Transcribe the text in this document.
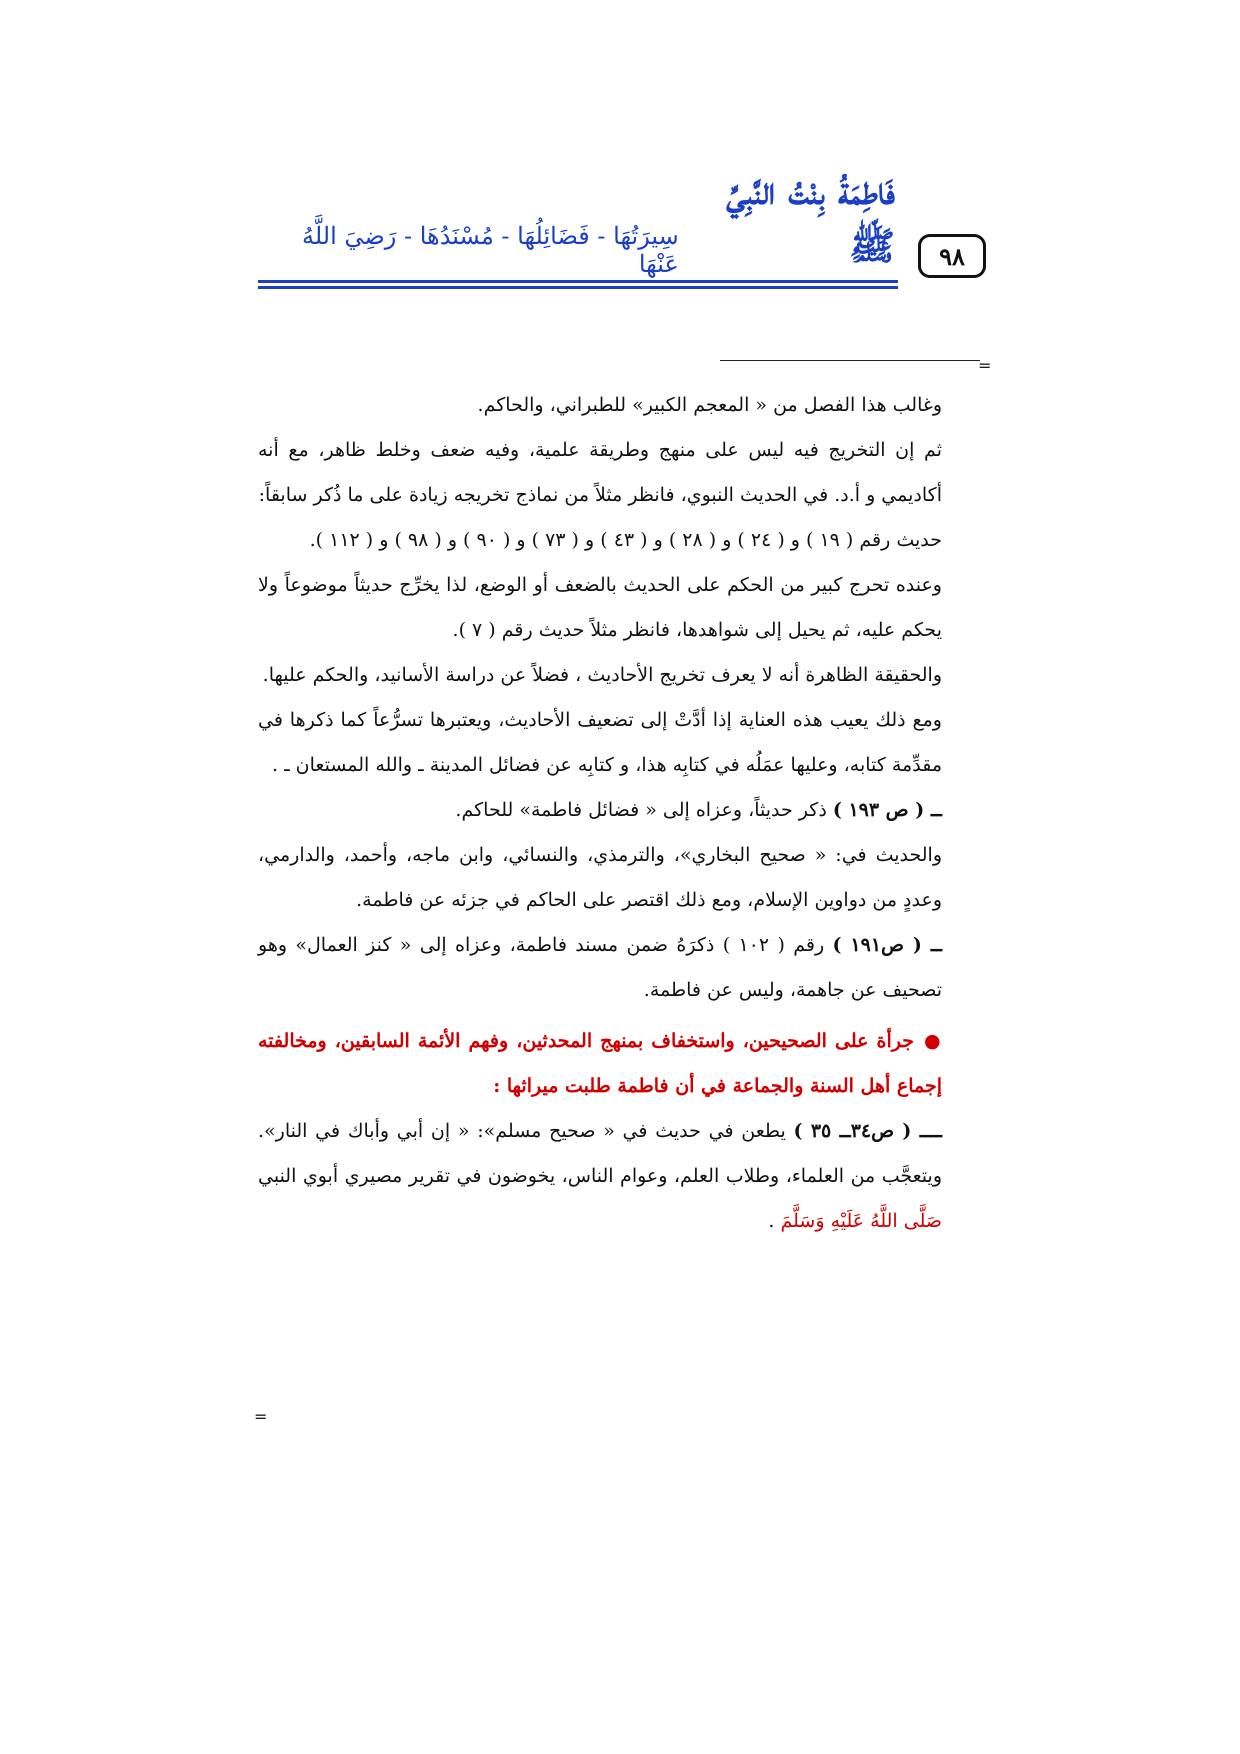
٩٨
فَاطِمَةُ بِنْتُ النَّبِيِّ ﷺ
سِيرَتُهَا - فَضَائِلُهَا - مُسْنَدُهَا - رَضِيَ اللَّهُ عَنْهَا
=

وغالب هذا الفصل من « المعجم الكبير» للطبراني، والحاكم.

ثم إن التخريج فيه ليس على منهج وطريقة علمية، وفيه ضعف وخلط ظاهر، مع أنه أكاديمي و أ.د. في الحديث النبوي، فانظر مثلاً من نماذج تخريجه زيادة على ما ذُكر سابقاً:

حديث رقم ( ١٩ ) و ( ٢٤ ) و ( ٢٨ ) و ( ٤٣ ) و ( ٧٣ ) و ( ٩٠ ) و ( ٩٨ ) و ( ١١٢ ).

وعنده تحرج كبير من الحكم على الحديث بالضعف أو الوضع، لذا يخرِّج حديثاً موضوعاً ولا يحكم عليه، ثم يحيل إلى شواهدها، فانظر مثلاً حديث رقم ( ٧ ).

والحقيقة الظاهرة أنه لا يعرف تخريج الأحاديث ، فضلاً عن دراسة الأسانيد، والحكم عليها.

ومع ذلك يعيب هذه العناية إذا أدَّتْ إلى تضعيف الأحاديث، ويعتبرها تسرُّعاً كما ذكرها في مقدِّمة كتابه، وعليها عمَلُه في كتابِه هذا، و كتابِه عن فضائل المدينة ـ والله المستعان ـ .

ــ ( ص ١٩٣ ) ذكر حديثاً، وعزاه إلى « فضائل فاطمة» للحاكم.

والحديث في: « صحيح البخاري»، والترمذي، والنسائي، وابن ماجه، وأحمد، والدارمي، وعددٍ من دواوين الإسلام، ومع ذلك اقتصر على الحاكم في جزئه عن فاطمة.

ــ ( ص١٩١ ) رقم ( ١٠٢ ) ذكرَهُ ضمن مسند فاطمة، وعزاه إلى « كنز العمال» وهو تصحيف عن جاهمة، وليس عن فاطمة.

●جرأة على الصحيحين، واستخفاف بمنهج المحدثين، وفهم الأئمة السابقين، ومخالفته إجماع أهل السنة والجماعة في أن فاطمة طلبت ميراثها :

ــــ ( ص٣٤ــ ٣٥ ) يطعن في حديث في « صحيح مسلم»: « إن أبي وأباك في النار». ويتعجَّب من العلماء، وطلاب العلم، وعوام الناس، يخوضون في تقرير مصيري أبوي النبي صَلَّى اللَّهُ عَلَيْهِ وَسَلَّمَ .

=
